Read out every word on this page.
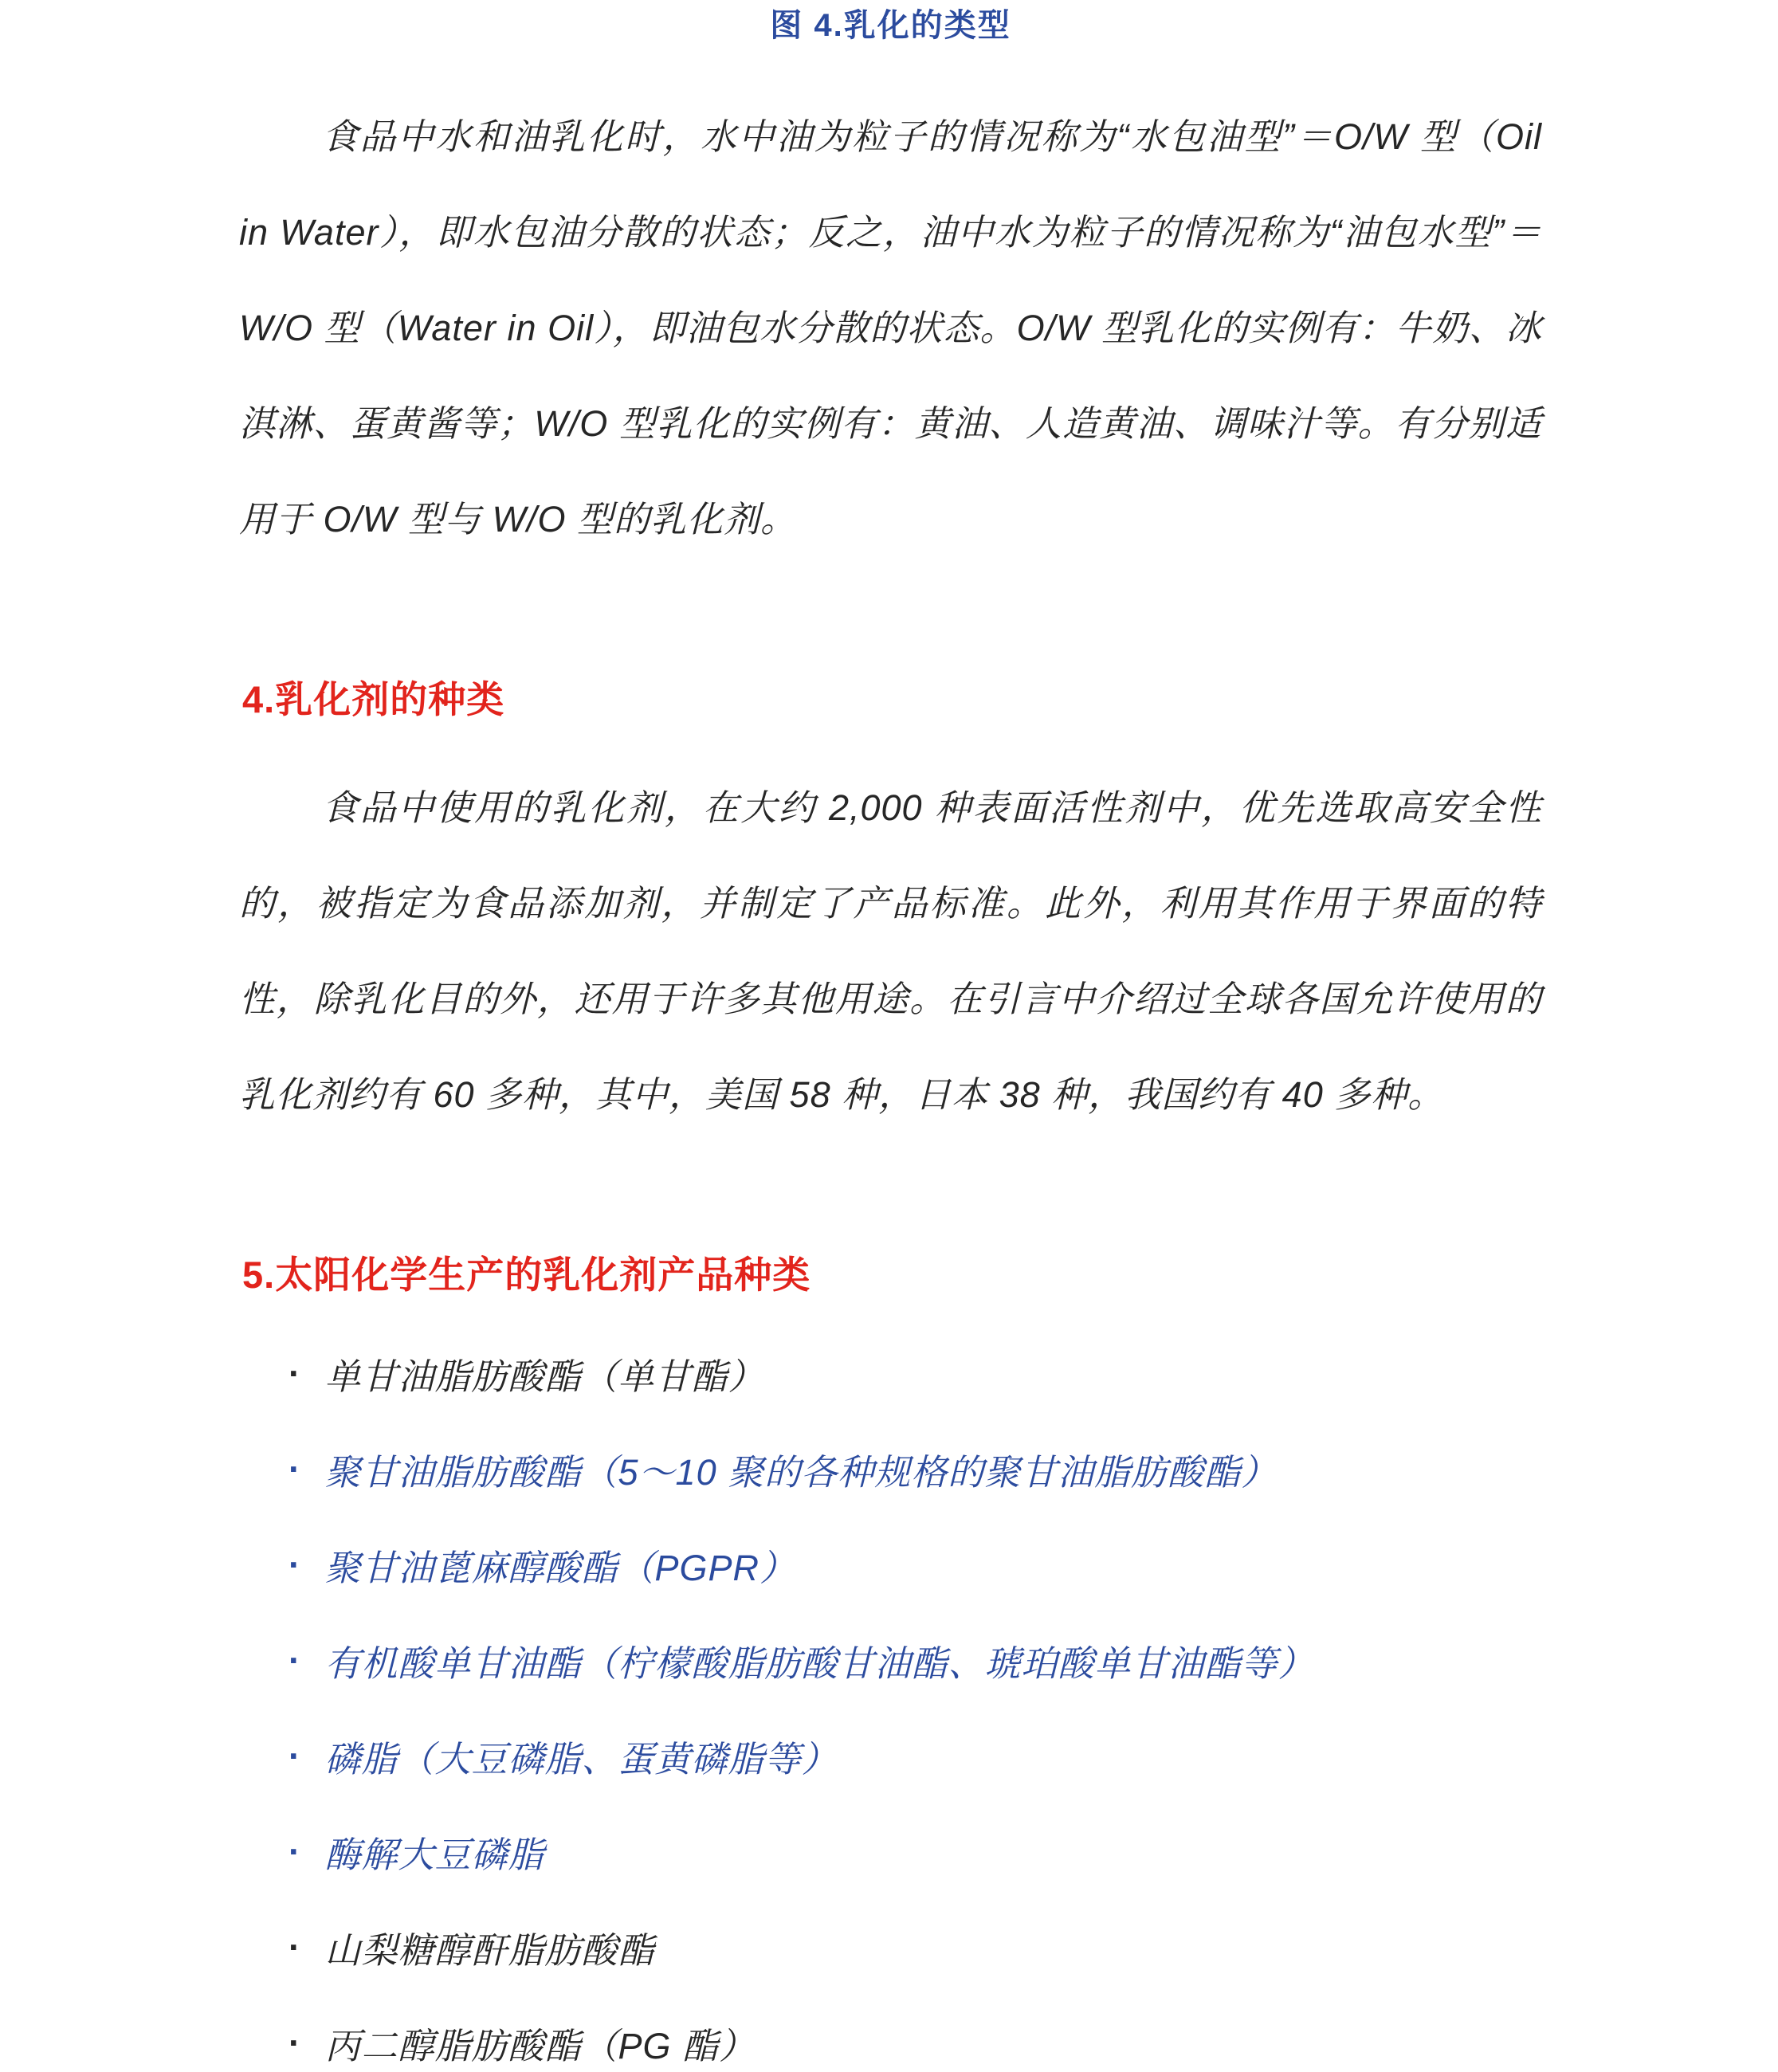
图 4.乳化的类型

食品中水和油乳化时，水中油为粒子的情况称为“水包油型”＝O/W 型（Oil in Water），即水包油分散的状态；反之，油中水为粒子的情况称为“油包水型”＝W/O 型（Water in Oil），即油包水分散的状态。O/W 型乳化的实例有：牛奶、冰淇淋、蛋黄酱等；W/O 型乳化的实例有：黄油、人造黄油、调味汁等。有分别适用于 O/W 型与 W/O 型的乳化剂。

4.乳化剂的种类

食品中使用的乳化剂，在大约 2,000 种表面活性剂中，优先选取高安全性的，被指定为食品添加剂，并制定了产品标准。此外，利用其作用于界面的特性，除乳化目的外，还用于许多其他用途。在引言中介绍过全球各国允许使用的乳化剂约有 60 多种，其中，美国 58 种，日本 38 种，我国约有 40 多种。

5.太阳化学生产的乳化剂产品种类
· 单甘油脂肪酸酯（单甘酯）
· 聚甘油脂肪酸酯（5～10 聚的各种规格的聚甘油脂肪酸酯）
· 聚甘油蓖麻醇酸酯（PGPR）
· 有机酸单甘油酯（柠檬酸脂肪酸甘油酯、琥珀酸单甘油酯等）
· 磷脂（大豆磷脂、蛋黄磷脂等）
· 酶解大豆磷脂
· 山梨糖醇酐脂肪酸酯
· 丙二醇脂肪酸酯（PG 酯）
